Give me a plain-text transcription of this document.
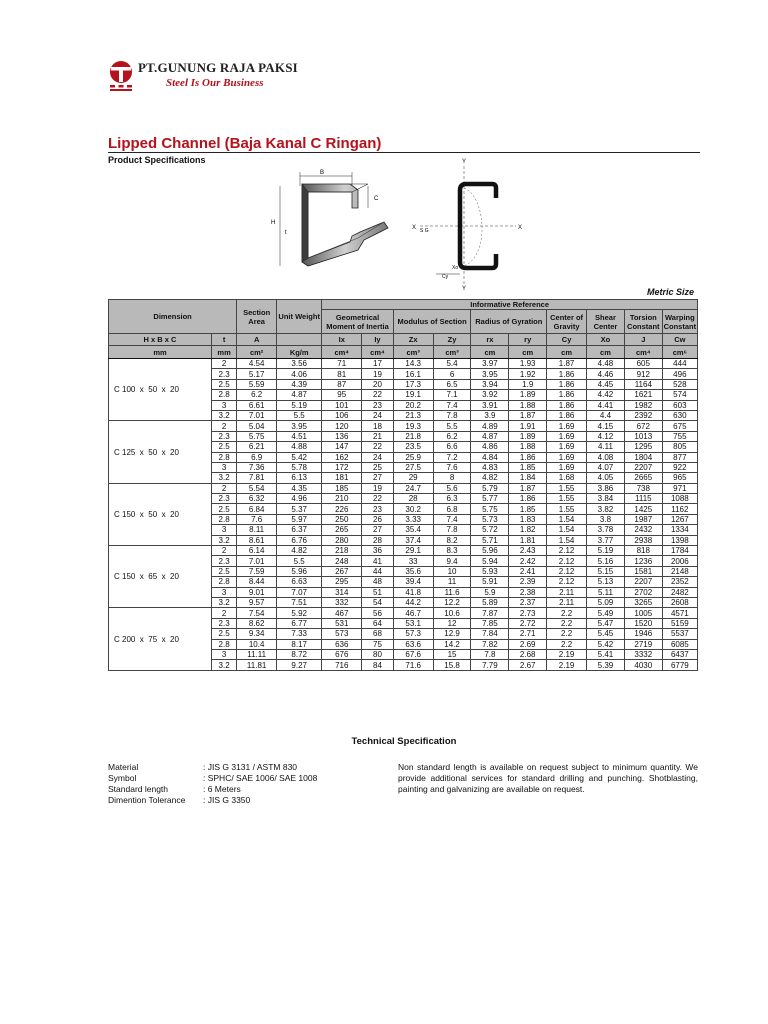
PT.GUNUNG RAJA PAKSI
Steel Is Our Business
Lipped Channel (Baja Kanal C Ringan)
Product Specifications
B
C
H
t
Y
Y
X	X
S G
Cy
Xo
Metric Size
Dimension		Section Area	Unit Weight	Informative Reference									
				Geometrical Moment of Inertia		Modulus of Section		Radius of Gyration		Center of Gravity	Shear Center	Torsion Constant	Warping Constant
H x B x C	t	A		Ix	Iy	Zx	Zy	rx	ry	Cy	Xo	J	Cw
mm	mm	cm²	Kg/m	cm⁴	cm⁴	cm³	cm³	cm	cm	cm	cm	cm⁴	cm⁶
C 100  x  50  x  20	2	4.54	3.56	71	17	14.3	5.4	3.97	1.93	1.87	4.48	605	444
	2.3	5.17	4.06	81	19	16.1	6	3.95	1.92	1.86	4.46	912	496
	2.5	5.59	4.39	87	20	17.3	6.5	3.94	1.9	1.86	4.45	1164	528
	2.8	6.2	4.87	95	22	19.1	7.1	3.92	1.89	1.86	4.42	1621	574
	3	6.61	5.19	101	23	20.2	7.4	3.91	1.88	1.86	4.41	1982	603
	3.2	7.01	5.5	106	24	21.3	7.8	3.9	1.87	1.86	4.4	2392	630
C 125  x  50  x  20	2	5.04	3.95	120	18	19.3	5.5	4.89	1.91	1.69	4.15	672	675
	2.3	5.75	4.51	136	21	21.8	6.2	4.87	1.89	1.69	4.12	1013	755
	2.5	6.21	4.88	147	22	23.5	6.6	4.86	1.88	1.69	4.11	1295	805
	2.8	6.9	5.42	162	24	25.9	7.2	4.84	1.86	1.69	4.08	1804	877
	3	7.36	5.78	172	25	27.5	7.6	4.83	1.85	1.69	4.07	2207	922
	3.2	7.81	6.13	181	27	29	8	4.82	1.84	1.68	4.05	2665	965
C 150  x  50  x  20	2	5.54	4.35	185	19	24.7	5.6	5.79	1.87	1.55	3.86	738	971
	2.3	6.32	4.96	210	22	28	6.3	5.77	1.86	1.55	3.84	1115	1088
	2.5	6.84	5.37	226	23	30.2	6.8	5.75	1.85	1.55	3.82	1425	1162
	2.8	7.6	5.97	250	26	3.33	7.4	5.73	1.83	1.54	3.8	1987	1267
	3	8.11	6.37	265	27	35.4	7.8	5.72	1.82	1.54	3.78	2432	1334
	3.2	8.61	6.76	280	28	37.4	8.2	5.71	1.81	1.54	3.77	2938	1398
C 150  x  65  x  20	2	6.14	4.82	218	36	29.1	8.3	5.96	2.43	2.12	5.19	818	1784
	2.3	7.01	5.5	248	41	33	9.4	5.94	2.42	2.12	5.16	1236	2006
	2.5	7.59	5.96	267	44	35.6	10	5.93	2.41	2.12	5.15	1581	2148
	2.8	8.44	6.63	295	48	39.4	11	5.91	2.39	2.12	5.13	2207	2352
	3	9.01	7.07	314	51	41.8	11.6	5.9	2.38	2.11	5.11	2702	2482
	3.2	9.57	7.51	332	54	44.2	12.2	5.89	2.37	2.11	5.09	3265	2608
C 200  x  75  x  20	2	7.54	5.92	467	56	46.7	10.6	7.87	2.73	2.2	5.49	1005	4571
	2.3	8.62	6.77	531	64	53.1	12	7.85	2.72	2.2	5.47	1520	5159
	2.5	9.34	7.33	573	68	57.3	12.9	7.84	2.71	2.2	5.45	1946	5537
	2.8	10.4	8.17	636	75	63.6	14.2	7.82	2.69	2.2	5.42	2719	6085
	3	11.11	8.72	676	80	67.6	15	7.8	2.68	2.19	5.41	3332	6437
	3.2	11.81	9.27	716	84	71.6	15.8	7.79	2.67	2.19	5.39	4030	6779
Technical Specification
Material	: JIS G 3131 / ASTM 830
Symbol	: SPHC/ SAE 1006/ SAE 1008
Standard length	: 6 Meters
Dimention Tolerance	: JIS G 3350
Non standard length is available on request subject to minimum quantity. We provide additional services for standard drilling and punching. Shotblasting, painting and galvanizing are available on request.
